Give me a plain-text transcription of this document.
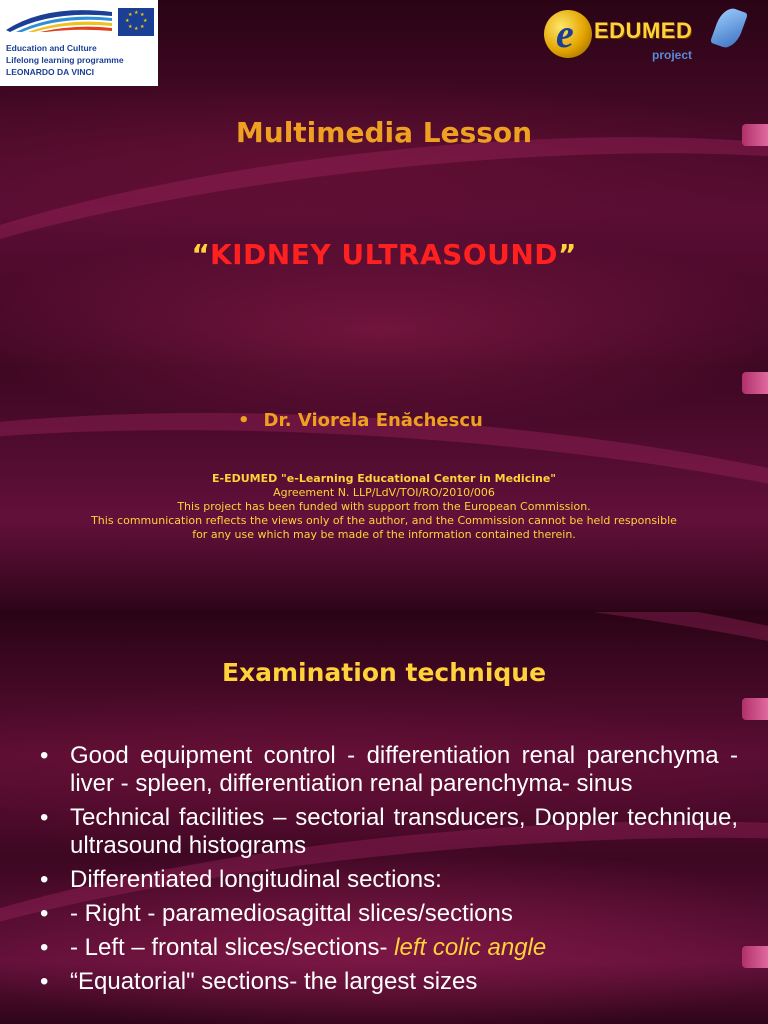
★ ★
★
★
★
★
★
★
Education and Culture
Lifelong learning programme
LEONARDO DA VINCI
e EDUMED
project
Multimedia Lesson
“KIDNEY ULTRASOUND”
• Dr. Viorela Enăchescu
E-EDUMED "e-Learning Educational Center in Medicine"
Agreement N. LLP/LdV/TOI/RO/2010/006
This project has been funded with support from the European Commission.
This communication reflects the views only of the author, and the Commission cannot be held responsible
for any use which may be made of the information contained therein.
Examination technique
• Good equipment control - differentiation renal parenchyma - liver - spleen, differentiation renal parenchyma- sinus
• Technical facilities – sectorial transducers, Doppler technique, ultrasound histograms
• Differentiated longitudinal sections:
• - Right - paramediosagittal slices/sections
• - Left – frontal slices/sections- left colic angle
• “Equatorial" sections- the largest sizes
